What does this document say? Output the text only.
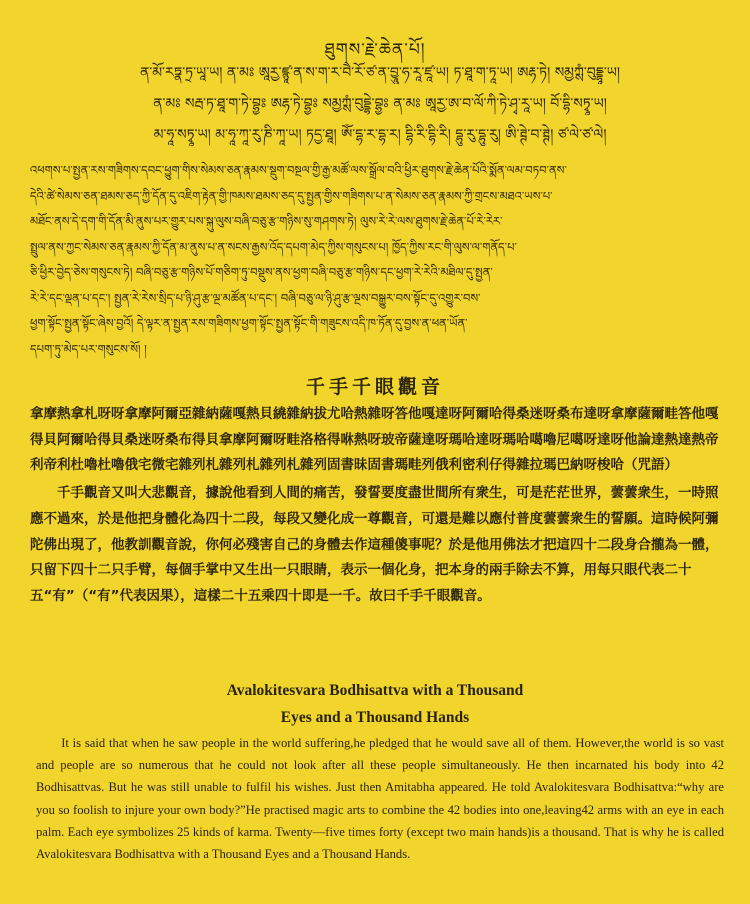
ཐུགས་རྗེ་ཆེན་པོ།
ན་མོ་རཏྣ་ཏྲ་ཡཱ་ཡ། ན་མཿ ཨཱརྱ་ཛྙཱ་ན་ས་ག་ར་བཻ་རོ་ཙ་ན་བྱཱུ་ཧ་རཱ་ཛཱ་ཡ། ཏ་ཐཱ་ག་ཏཱ་ཡ། ཨརྷ་ཏེ། སམྱཀྶཾ་བུདྡྷཱ་ཡ།
ན་མཿ སརྦ་ཏ་ཐཱ་ག་ཏེ་བྷྱཿ ཨརྷ་ཏེ་བྷྱཿ སམྱཀྶཾ་བུདྡྷེ་བྷྱཿ ན་མཿ ཨཱརྱ་ཨ་བ་ལོ་ཀི་ཏེ་ཤྭ་རཱ་ཡ། བོ་དྷི་སཏྭཱ་ཡ།
མ་ཧཱ་སཏྭཱ་ཡ། མ་ཧཱ་ཀཱ་རུ་ཎི་ཀཱ་ཡ། ཏདྱ་ཐཱ། ཨོཾ་དྷ་ར་དྷ་ར། དྷི་རི་དྷི་རི། དྷུ་རུ་དྷུ་རུ། ཨི་ཊྚེ་བ་ཊྚེ། ཙ་ལེ་ཙ་ལེ།
འཕགས་པ་སྤྱན་རས་གཟིགས་དབང་ཕྱུག་གིས་སེམས་ཅན་རྣམས་སྡུག་བསྔལ་གྱི་རྒྱ་མཚོ་ལས་སྒྲོལ་བའི་ཕྱིར་ཐུགས་རྗེ་ཆེན་པོའི་སྨོན་ལམ་བཏབ་ནས་
དེའི་ཚེ་སེམས་ཅན་ཐམས་ཅད་ཀྱི་དོན་དུ་འཇིག་རྟེན་གྱི་ཁམས་ཐམས་ཅད་དུ་སྤྱན་གྱིས་གཟིགས་པ་ན་སེམས་ཅན་རྣམས་ཀྱི་གྲངས་མཐའ་ཡས་པ་
མཐོང་ནས་དེ་དག་གི་དོན་མི་ནུས་པར་གྱུར་པས་སྐུ་ལུས་བཞི་བཅུ་རྩ་གཉིས་སུ་གཤགས་ཏེ། ལུས་རེ་རེ་ལས་ཐུགས་རྗེ་ཆེན་པོ་རེ་རེར་
སྤྲུལ་ནས་ཀྱང་སེམས་ཅན་རྣམས་ཀྱི་དོན་མ་ནུས་པ་ན་སངས་རྒྱས་འོད་དཔག་མེད་ཀྱིས་གསུངས་པ། ཁྱོད་ཀྱིས་རང་གི་ལུས་ལ་གནོད་པ་
ཅི་ཕྱིར་བྱེད་ཅེས་གསུངས་ཏེ། བཞི་བཅུ་རྩ་གཉིས་པོ་གཅིག་ཏུ་བསྡུས་ནས་ཕྱག་བཞི་བཅུ་རྩ་གཉིས་དང་ཕྱག་རེ་རེའི་མཐིལ་དུ་སྤྱན་
རེ་རེ་དང་ལྡན་པ་དང་། སྤྱན་རེ་རེས་སྲིད་པ་ཉི་ཤུ་རྩ་ལྔ་མཚོན་པ་དང་། བཞི་བཅུ་ལ་ཉི་ཤུ་རྩ་ལྔས་བསྒྱུར་བས་སྟོང་དུ་འགྱུར་བས་
ཕྱག་སྟོང་སྤྱན་སྟོང་ཞེས་བྱའོ། དེ་ལྟར་ན་སྤྱན་རས་གཟིགས་ཕྱག་སྟོང་སྤྱན་སྟོང་གི་གཟུངས་འདི་ཁ་ཏོན་དུ་བྱས་ན་ཕན་ཡོན་
དཔག་ཏུ་མེད་པར་གསུངས་སོ། །
千手千眼觀音

拿摩熱拿札呀呀拿摩阿爾亞雜納薩嘎熱貝繞雜納拔尤哈熱雜呀答他嘎達呀阿爾哈得桑迷呀桑布達呀拿摩薩爾畦答他嘎得貝阿爾哈得貝桑迷呀桑布得貝拿摩阿爾呀畦洛格得咻熱呀玻帝薩達呀瑪哈達呀瑪哈噶嚕尼噶呀達呀他論達熱達熱帝利帝利杜嚕杜嚕俄宅微宅雜列札雜列札雜列札雜列固書昧固書瑪畦列俄利密利仔得雜拉瑪巴納呀梭哈（咒語）

千手觀音又叫大悲觀音，據說他看到人間的痛苦，發誓要度盡世間所有衆生，可是茫茫世界，蕓蕓衆生，一時照應不過來，於是他把身體化為四十二段，每段又變化成一尊觀音，可還是難以應付普度蕓蕓衆生的誓願。這時候阿彌陀佛出現了，他教訓觀音說，你何必殘害自己的身體去作這種傻事呢？於是他用佛法才把這四十二段身合攏為一體，只留下四十二只手臂，每個手掌中又生出一只眼睛，表示一個化身，把本身的兩手除去不算，用每只眼代表二十五“有”（“有”代表因果），這樣二十五乘四十即是一千。故曰千手千眼觀音。

Avalokitesvara Bodhisattva with a Thousand
Eyes and a Thousand Hands

It is said that when he saw people in the world suffering,he pledged that he would save all of them. However,the world is so vast and people are so numerous that he could not look after all these people simultaneously. He then incarnated his body into 42 Bodhisattvas. But he was still unable to fulfil his wishes. Just then Amitabha appeared. He told Avalokitesvara Bodhisattva:“why are you so foolish to injure your own body?”He practised magic arts to combine the 42 bodies into one,leaving42 arms with an eye in each palm. Each eye symbolizes 25 kinds of karma. Twenty—five times forty (except two main hands)is a thousand. That is why he is called Avalokitesvara Bodhisattva with a Thousand Eyes and a Thousand Hands.
